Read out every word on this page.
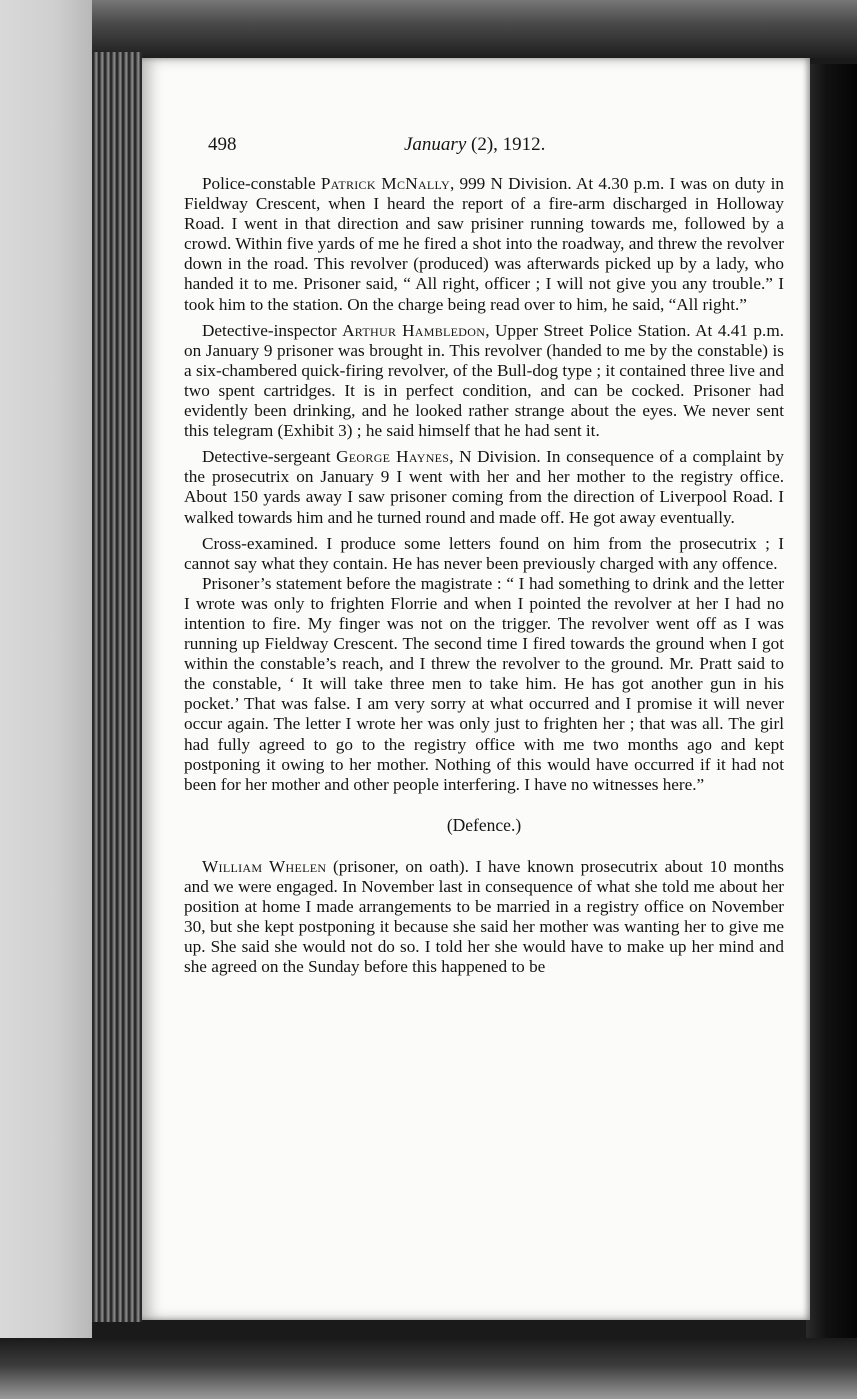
498	January (2), 1912.

Police-constable Patrick McNally, 999 N Division. At 4.30 p.m. I was on duty in Fieldway Crescent, when I heard the report of a fire-arm discharged in Holloway Road. I went in that direction and saw prisiner running towards me, followed by a crowd. Within five yards of me he fired a shot into the roadway, and threw the revolver down in the road. This revolver (produced) was afterwards picked up by a lady, who handed it to me. Prisoner said, “ All right, officer ; I will not give you any trouble.” I took him to the station. On the charge being read over to him, he said, “All right.”

Detective-inspector Arthur Hambledon, Upper Street Police Station. At 4.41 p.m. on January 9 prisoner was brought in. This revolver (handed to me by the constable) is a six-chambered quick-firing revolver, of the Bull-dog type ; it contained three live and two spent cartridges. It is in perfect condition, and can be cocked. Prisoner had evidently been drinking, and he looked rather strange about the eyes. We never sent this telegram (Exhibit 3) ; he said himself that he had sent it.

Detective-sergeant George Haynes, N Division. In consequence of a complaint by the prosecutrix on January 9 I went with her and her mother to the registry office. About 150 yards away I saw prisoner coming from the direction of Liverpool Road. I walked towards him and he turned round and made off. He got away eventually.

Cross-examined. I produce some letters found on him from the prosecutrix ; I cannot say what they contain. He has never been previously charged with any offence.

Prisoner’s statement before the magistrate : “ I had something to drink and the letter I wrote was only to frighten Florrie and when I pointed the revolver at her I had no intention to fire. My finger was not on the trigger. The revolver went off as I was running up Fieldway Crescent. The second time I fired towards the ground when I got within the constable’s reach, and I threw the revolver to the ground. Mr. Pratt said to the constable, ‘ It will take three men to take him. He has got another gun in his pocket.’ That was false. I am very sorry at what occurred and I promise it will never occur again. The letter I wrote her was only just to frighten her ; that was all. The girl had fully agreed to go to the registry office with me two months ago and kept postponing it owing to her mother. Nothing of this would have occurred if it had not been for her mother and other people interfering. I have no witnesses here.”

(Defence.)

William Whelen (prisoner, on oath). I have known prosecutrix about 10 months and we were engaged. In November last in consequence of what she told me about her position at home I made arrangements to be married in a registry office on November 30, but she kept postponing it because she said her mother was wanting her to give me up. She said she would not do so. I told her she would have to make up her mind and she agreed on the Sunday before this happened to be
